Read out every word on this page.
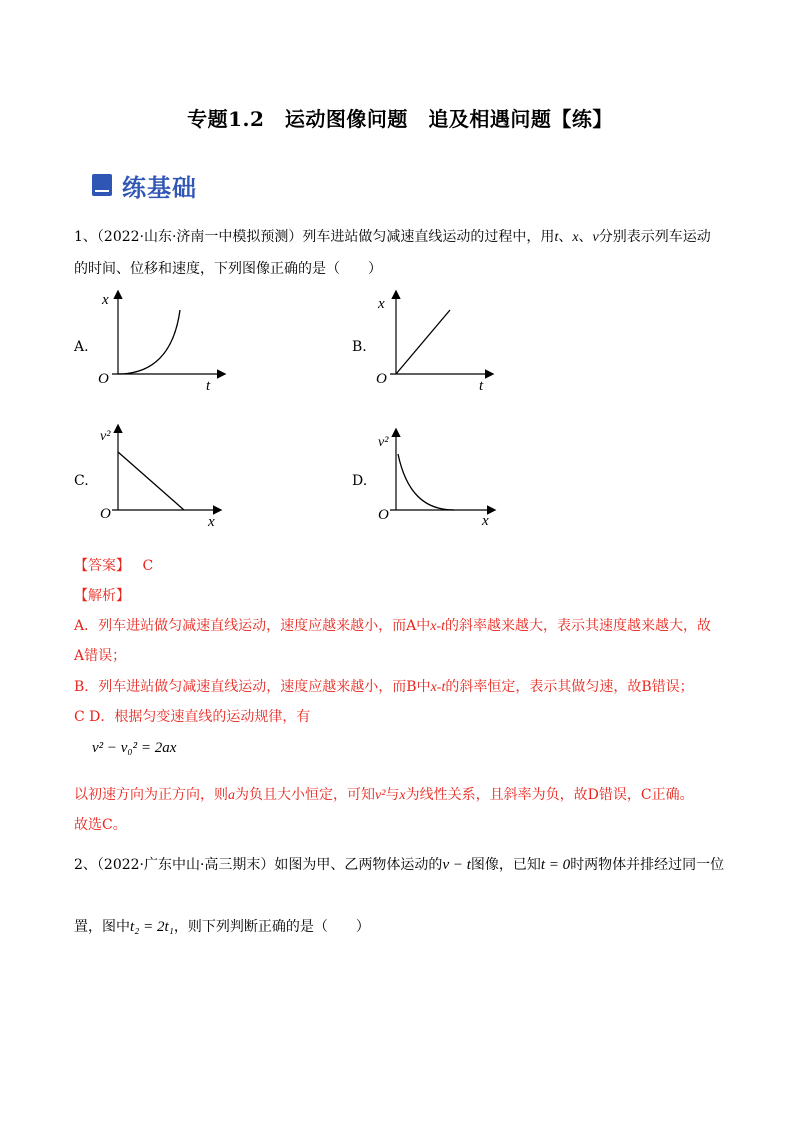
专题1.2　运动图像问题　追及相遇问题【练】
练基础
1、（2022·山东·济南一中模拟预测）列车进站做匀减速直线运动的过程中，用t、x、v分别表示列车运动
的时间、位移和速度，下列图像正确的是（　　）
A.
x
t
O
B.
x
t
O
C.
v²
x
O
D.
v²
x
O
【答案】 C
【解析】
A．列车进站做匀减速直线运动，速度应越来越小，而A中x-t的斜率越来越大，表示其速度越来越大，故
A错误；
B．列车进站做匀减速直线运动，速度应越来越小，而B中x-t的斜率恒定，表示其做匀速，故B错误；
C D．根据匀变速直线的运动规律，有
v² − v₀² = 2ax
以初速方向为正方向，则a为负且大小恒定，可知v²与x为线性关系，且斜率为负，故D错误，C正确。
故选C。
2、（2022·广东中山·高三期末）如图为甲、乙两物体运动的v − t图像，已知t = 0时两物体并排经过同一位
置，图中t₂ = 2t₁，则下列判断正确的是（　　）
